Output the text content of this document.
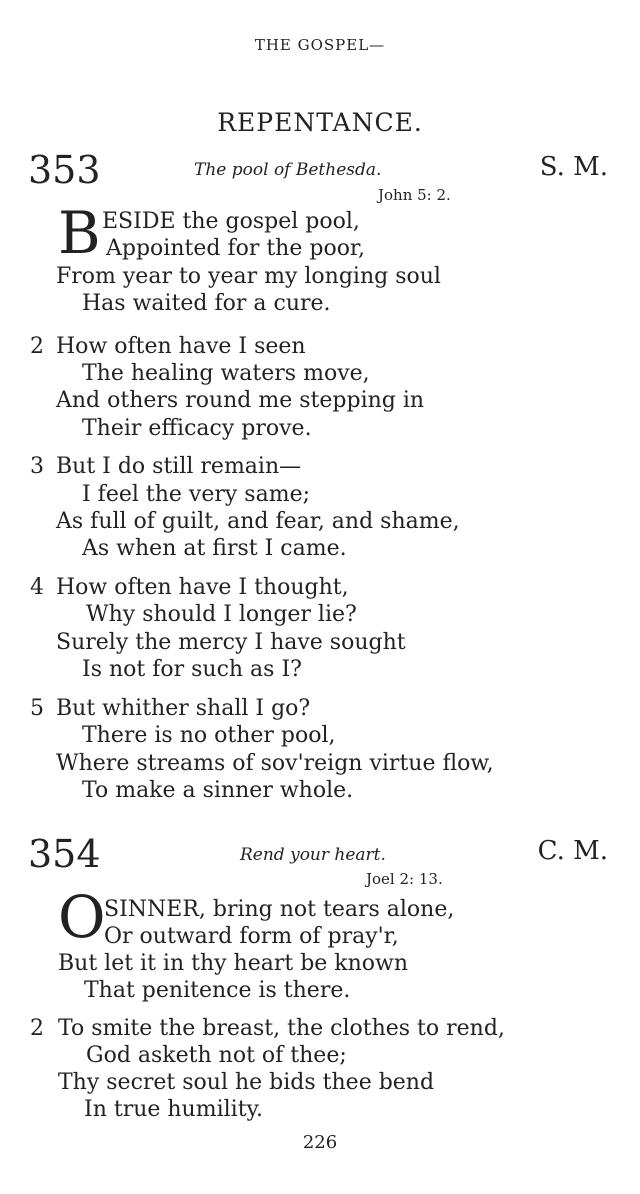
THE GOSPEL—
REPENTANCE.
353	The pool of Bethesda.	S. M.
John 5: 2.
B ESIDE the gospel pool,
Appointed for the poor,
From year to year my longing soul
Has waited for a cure.
2 How often have I seen
The healing waters move,
And others round me stepping in
Their efficacy prove.
3 But I do still remain—
I feel the very same;
As full of guilt, and fear, and shame,
As when at first I came.
4 How often have I thought,
Why should I longer lie?
Surely the mercy I have sought
Is not for such as I?
5 But whither shall I go?
There is no other pool,
Where streams of sov'reign virtue flow,
To make a sinner whole.
354	Rend your heart.	C. M.
Joel 2: 13.
O
SINNER, bring not tears alone,
Or outward form of pray'r,
But let it in thy heart be known
That penitence is there.
2 To smite the breast, the clothes to rend,
God asketh not of thee;
Thy secret soul he bids thee bend
In true humility.
226
